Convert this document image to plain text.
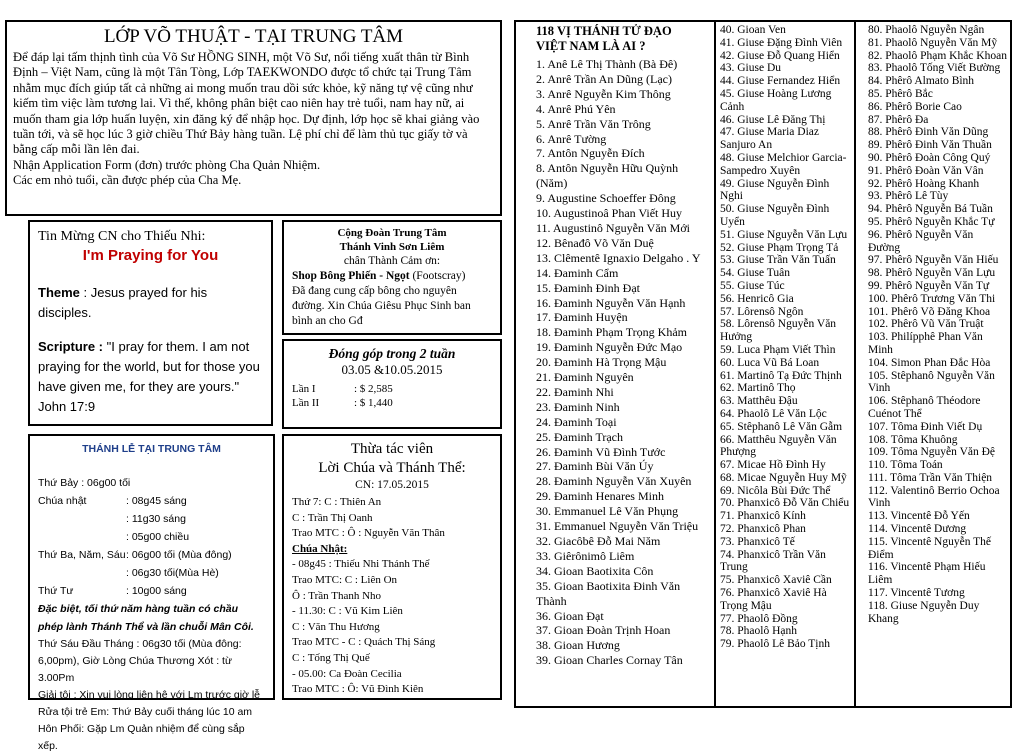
LỚP VÕ THUẬT - TẠI TRUNG TÂM
Để đáp lại tấm thịnh tình của Võ Sư HỒNG SINH, một Võ Sư, nổi tiếng xuất thân từ Bình Định – Việt Nam, cũng là một Tân Tòng, Lớp TAEKWONDO được tổ chức tại Trung Tâm nhằm mục đích giúp tất cả những ai mong muốn trau dồi sức khỏe, kỹ năng tự vệ cũng như kiếm tìm việc làm tương lai. Vì thế, không phân biệt cao niên hay trẻ tuổi, nam hay nữ, ai muốn tham gia lớp huấn luyện, xin đăng ký để nhập học. Dự định, lớp học sẽ khai giảng vào tuần tới, và sẽ học lúc 3 giờ chiều Thứ Bảy hàng tuần. Lệ phí chỉ để làm thủ tục giấy tờ và bằng cấp mỗi lần lên đai.
Nhận Application Form (đơn) trước phòng Cha Quản Nhiệm.
Các em nhỏ tuổi, cần được phép của Cha Mẹ.
Tin Mừng CN cho Thiếu Nhi:
I'm Praying for You
Theme : Jesus prayed for his disciples.
Scripture : "I pray for them. I am not praying for the world, but for those you have given me, for they are yours." John 17:9
Cộng Đoàn Trung Tâm
Thánh Vinh Sơn Liêm
chân Thành Cảm ơn:
Shop Bông Phiến - Ngọt (Footscray)
Đã đang cung cấp bông cho nguyên đường. Xin Chúa Giêsu Phục Sinh ban bình an cho Gđ
Đóng góp trong 2 tuần
03.05 &10.05.2015
Lần I	: $ 2,585
Lần II	: $ 1,440
THÁNH LỄ TẠI TRUNG TÂM
Thứ Bảy : 06g00 tối
Chúa nhật	: 08g45 sáng
: 11g30 sáng
: 05g00 chiều
Thứ Ba, Năm, Sáu : 06g00 tối (Mùa đông)
: 06g30 tối(Mùa Hè)
Thứ Tư	: 10g00 sáng
Đặc biệt, tối thứ năm hàng tuần có chầu phép lành Thánh Thể và lần chuỗi Mân Côi.
Thứ Sáu Đầu Tháng : 06g30 tối (Mùa đông: 6,00pm), Giờ Lòng Chúa Thương Xót : từ 3.00Pm
Giải tội : Xin vui lòng liên hệ với Lm trước giờ lễ
Rửa tội trẻ Em: Thứ Bảy cuối tháng lúc 10 am
Hôn Phối: Gặp Lm Quản nhiệm để cùng sắp xếp.
Thừa tác viên
Lời Chúa và Thánh Thể:
CN: 17.05.2015
Thứ 7: C : Thiên An
C : Trần Thị Oanh
Trao MTC : Ô : Nguyễn Văn Thân
Chúa Nhật:
- 08g45 : Thiếu Nhi Thánh Thể
Trao MTC: C : Liên On
Ô : Trần Thanh Nho
- 11.30: C : Vũ Kim Liên
C : Văn Thu Hương
Trao MTC - C : Quách Thị Sáng
C : Tống Thị Quế
- 05.00: Ca Đoàn Cecilia
Trao MTC : Ô: Vũ Đình Kiên
118 VỊ THÁNH TỬ ĐẠO
VIỆT NAM LÀ AI ?
1. Anê Lê Thị Thành (Bà Đê)
2. Anrê Trần An Dũng (Lạc)
3. Anrê Nguyễn Kim Thông
4. Anrê Phú Yên
5. Anrê Trần Văn Trông
6. Anrê Tường
7. Antôn Nguyễn Đích
8. Antôn Nguyễn Hữu Quỳnh (Năm)
9. Augustine Schoeffer Đông
10. Augustinoâ Phan Viết Huy
11. Augustinô Nguyễn Văn Mới
12. Bênađô Võ Văn Duệ
13. Clêmentê Ignaxio Delgaho . Y
14. Đaminh Cẩm
15. Đaminh Đinh Đạt
16. Đaminh Nguyễn Văn Hạnh
17. Đaminh Huyện
18. Đaminh Phạm Trọng Khảm
19. Đaminh Nguyễn Đức Mạo
20. Đaminh Hà Trọng Mậu
21. Đaminh Nguyên
22. Đaminh Nhi
23. Đaminh Ninh
24. Đaminh Toại
25. Đaminh Trạch
26. Đaminh Vũ Đình Tước
27. Đaminh Bùi Văn Úy
28. Đaminh Nguyễn Văn Xuyên
29. Đaminh Henares Minh
30. Emmanuel Lê Văn Phụng
31. Emmanuel Nguyễn Văn Triệu
32. Giacôbê Đỗ Mai Năm
33. Giêrônimô Liêm
34. Gioan Baotixita Côn
35. Gioan Baotixita Đinh Văn Thành
36. Gioan Đạt
37. Gioan Đoàn Trịnh Hoan
38. Gioan Hương
39. Gioan Charles Cornay Tân
40. Gioan Ven
41. Giuse Đặng Đình Viên
42. Giuse Đỗ Quang Hiển
43. Giuse Du
44. Giuse Fernandez Hiển
45. Giuse Hoàng Lương Cảnh
46. Giuse Lê Đăng Thị
47. Giuse Maria Diaz Sanjuro An
48. Giuse Melchior Garcia-Sampedro Xuyên
49. Giuse Nguyễn Đình Nghi
50. Giuse Nguyễn Đình Uyển
51. Giuse Nguyễn Văn Lựu
52. Giuse Phạm Trọng Tả
53. Giuse Trần Văn Tuấn
54. Giuse Tuân
55. Giuse Túc
56. Henricô Gia
57. Lôrensô Ngôn
58. Lôrensô Nguyễn Văn Hưởng
59. Luca Phạm Viết Thìn
60. Luca Vũ Bá Loan
61. Martinô Tạ Đức Thịnh
62. Martinô Thọ
63. Matthêu Đậu
64. Phaolô Lê Văn Lộc
65. Stêphanô Lê Văn Gẫm
66. Matthêu Nguyễn Văn Phượng
67. Micae Hồ Đình Hy
68. Micae Nguyễn Huy Mỹ
69. Nicôla Bùi Đức Thể
70. Phanxicô Đỗ Văn Chiểu
71. Phanxicô Kính
72. Phanxicô Phan
73. Phanxicô Tế
74. Phanxicô Trần Văn Trung
75. Phanxicô Xaviê Cần
76. Phanxicô Xaviê Hà Trọng Mậu
77. Phaolô Đồng
78. Phaolô Hạnh
79. Phaolô Lê Bảo Tịnh
80. Phaolô Nguyễn Ngân
81. Phaolô Nguyễn Văn Mỹ
82. Phaolô Phạm Khắc Khoan
83. Phaolô Tống Viết Bường
84. Phêrô Almato Bình
85. Phêrô Bắc
86. Phêrô Borie Cao
87. Phêrô Đa
88. Phêrô Đinh Văn Dũng
89. Phêrô Đinh Văn Thuần
90. Phêrô Đoàn Công Quý
91. Phêrô Đoàn Văn Vân
92. Phêrô Hoàng Khanh
93. Phêrô Lê Tùy
94. Phêrô Nguyễn Bá Tuần
95. Phêrô Nguyễn Khắc Tự
96. Phêrô Nguyễn Văn Đường
97. Phêrô Nguyễn Văn Hiếu
98. Phêrô Nguyễn Văn Lựu
99. Phêrô Nguyễn Văn Tự
100. Phêrô Trương Văn Thi
101. Phêrô Võ Đăng Khoa
102. Phêrô Vũ Văn Truật
103. Philípphê Phan Văn Minh
104. Simon Phan Đắc Hòa
105. Stêphanô Nguyễn Văn Vinh
106. Stêphanô Théodore Cuénot Thể
107. Tôma Đinh Viết Dụ
108. Tôma Khuông
109. Tôma Nguyễn Văn Đệ
110. Tôma Toán
111. Tôma Trần Văn Thiện
112. Valentinô Berrio Ochoa Vinh
113. Vincentê Đỗ Yến
114. Vincentê Dương
115. Vincentê Nguyễn Thế Điểm
116. Vincentê Phạm Hiếu Liêm
117. Vincentê Tương
118. Giuse Nguyễn Duy Khang
